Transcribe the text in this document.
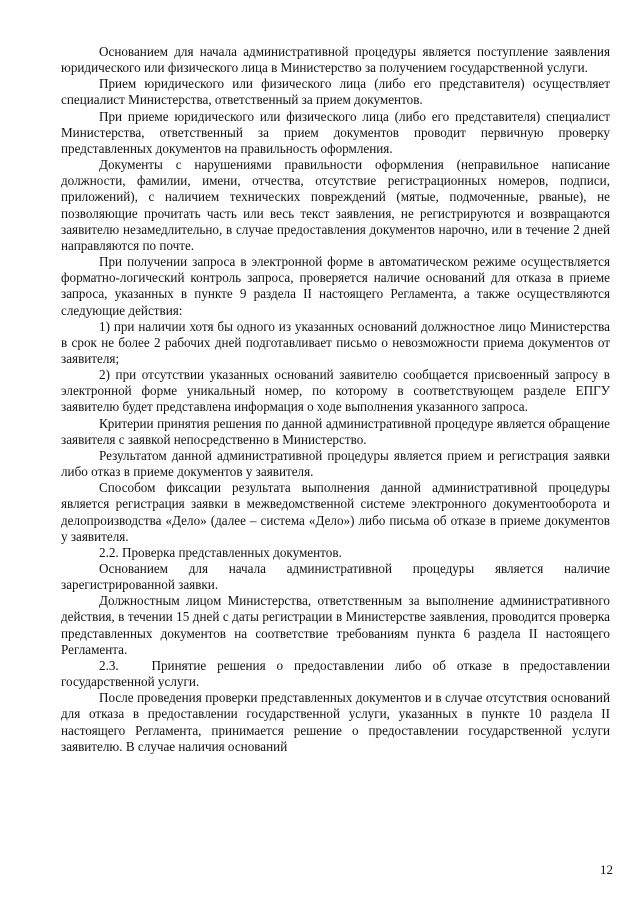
Основанием для начала административной процедуры является поступление заявления юридического или физического лица в Министерство за получением государственной услуги.

Прием юридического или физического лица (либо его представителя) осуществляет специалист Министерства, ответственный за прием документов.

При приеме юридического или физического лица (либо его представителя) специалист Министерства, ответственный за прием документов проводит первичную проверку представленных документов на правильность оформления.

Документы с нарушениями правильности оформления (неправильное написание должности, фамилии, имени, отчества, отсутствие регистрационных номеров, подписи, приложений), с наличием технических повреждений (мятые, подмоченные, рваные), не позволяющие прочитать часть или весь текст заявления, не регистрируются и возвращаются заявителю незамедлительно, в случае предоставления документов нарочно, или в течение 2 дней направляются по почте.

При получении запроса в электронной форме в автоматическом режиме осуществляется форматно-логический контроль запроса, проверяется наличие оснований для отказа в приеме запроса, указанных в пункте 9 раздела II настоящего Регламента, а также осуществляются следующие действия:

1) при наличии хотя бы одного из указанных оснований должностное лицо Министерства в срок не более 2 рабочих дней подготавливает письмо о невозможности приема документов от заявителя;

2) при отсутствии указанных оснований заявителю сообщается присвоенный запросу в электронной форме уникальный номер, по которому в соответствующем разделе ЕПГУ заявителю будет представлена информация о ходе выполнения указанного запроса.

Критерии принятия решения по данной административной процедуре является обращение заявителя с заявкой непосредственно в Министерство.

Результатом данной административной процедуры является прием и регистрация заявки либо отказ в приеме документов у заявителя.

Способом фиксации результата выполнения данной административной процедуры является регистрация заявки в межведомственной системе электронного документооборота и делопроизводства «Дело» (далее – система «Дело») либо письма об отказе в приеме документов у заявителя.

2.2. Проверка представленных документов.

Основанием для начала административной процедуры является наличие зарегистрированной заявки.

Должностным лицом Министерства, ответственным за выполнение административного действия, в течении 15 дней с даты регистрации в Министерстве заявления, проводится проверка представленных документов на соответствие требованиям пункта 6 раздела II настоящего Регламента.

2.3.   Принятие решения о предоставлении либо об отказе в предоставлении государственной услуги.

После проведения проверки представленных документов и в случае отсутствия оснований для отказа в предоставлении государственной услуги, указанных в пункте 10 раздела II настоящего Регламента, принимается решение о предоставлении государственной услуги заявителю. В случае наличия оснований

12
